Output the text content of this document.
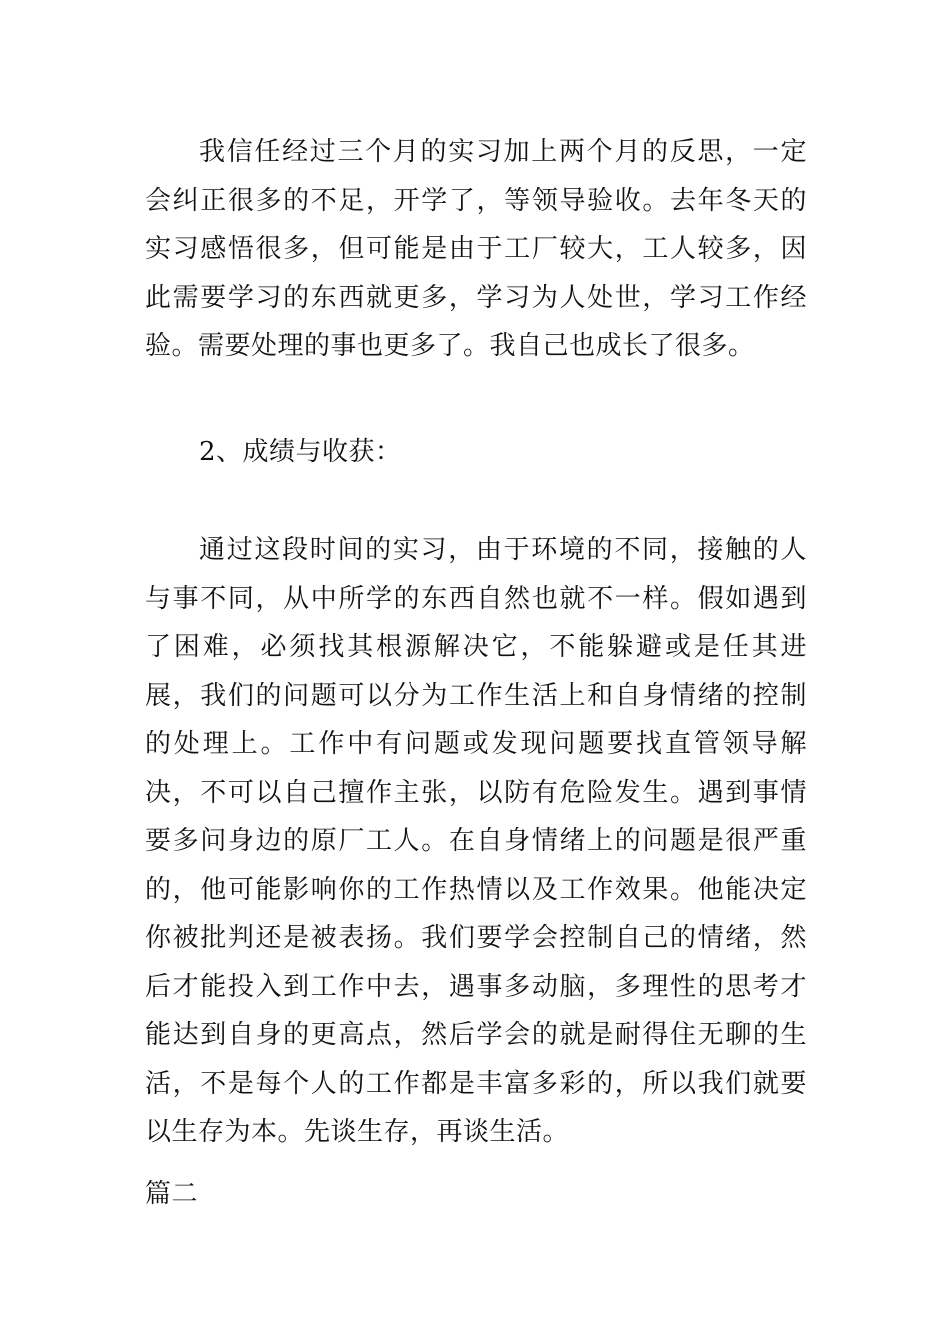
我信任经过三个月的实习加上两个月的反思，一定会纠正很多的不足，开学了，等领导验收。去年冬天的实习感悟很多，但可能是由于工厂较大，工人较多，因此需要学习的东西就更多，学习为人处世，学习工作经验。需要处理的事也更多了。我自己也成长了很多。

2、成绩与收获：

通过这段时间的实习，由于环境的不同，接触的人与事不同，从中所学的东西自然也就不一样。假如遇到了困难，必须找其根源解决它，不能躲避或是任其进展，我们的问题可以分为工作生活上和自身情绪的控制的处理上。工作中有问题或发现问题要找直管领导解决，不可以自己擅作主张，以防有危险发生。遇到事情要多问身边的原厂工人。在自身情绪上的问题是很严重的，他可能影响你的工作热情以及工作效果。他能决定你被批判还是被表扬。我们要学会控制自己的情绪，然后才能投入到工作中去，遇事多动脑，多理性的思考才能达到自身的更高点，然后学会的就是耐得住无聊的生活，不是每个人的工作都是丰富多彩的，所以我们就要以生存为本。先谈生存，再谈生活。

篇二
